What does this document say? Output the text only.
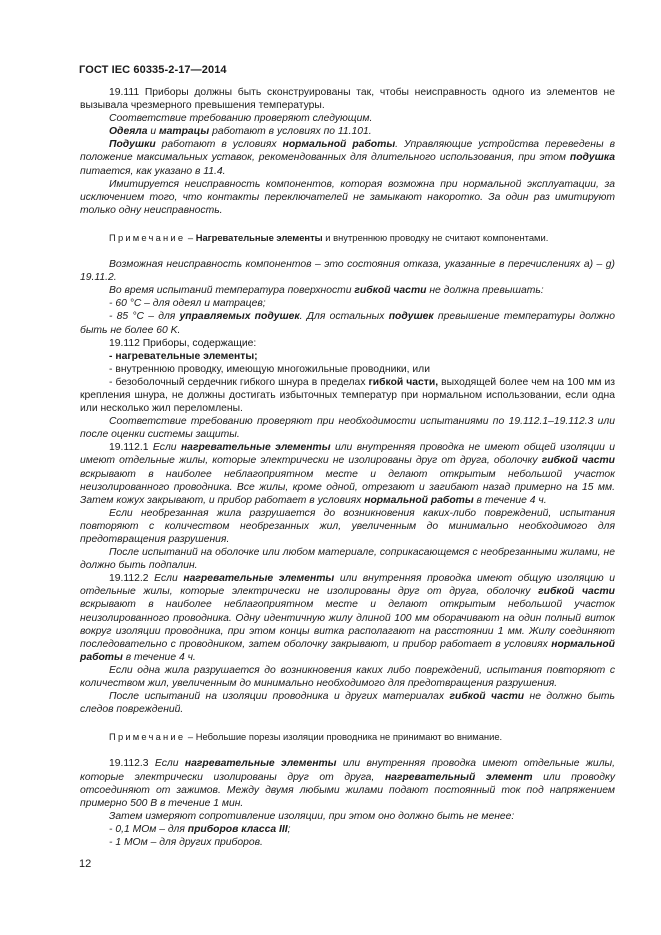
ГОСТ IEC 60335-2-17—2014

19.111 Приборы должны быть сконструированы так, чтобы неисправность одного из элементов не вызывала чрезмерного превышения температуры.

Соответствие требованию проверяют следующим.

Одеяла и матрацы работают в условиях по 11.101.

Подушки работают в условиях нормальной работы. Управляющие устройства переведены в положение максимальных уставок, рекомендованных для длительного использования, при этом подушка питается, как указано в 11.4.

Имитируется неисправность компонентов, которая возможна при нормальной эксплуатации, за исключением того, что контакты переключателей не замыкают накоротко. За один раз имитируют только одну неисправность.

Примечание – Нагревательные элементы и внутреннюю проводку не считают компонентами.

Возможная неисправность компонентов – это состояния отказа, указанные в перечислениях a) – g) 19.11.2.

Во время испытаний температура поверхности гибкой части не должна превышать:

- 60 °С – для одеял и матрацев;

- 85 °С – для управляемых подушек. Для остальных подушек превышение температуры должно быть не более 60 K.

19.112 Приборы, содержащие:

- нагревательные элементы;

- внутреннюю проводку, имеющую многожильные проводники, или

- безоболочный сердечник гибкого шнура в пределах гибкой части, выходящей более чем на 100 мм из крепления шнура, не должны достигать избыточных температур при нормальном использовании, если одна или несколько жил переломлены.

Соответствие требованию проверяют при необходимости испытаниями по 19.112.1–19.112.3 или после оценки системы защиты.

19.112.1 Если нагревательные элементы или внутренняя проводка не имеют общей изоляции и имеют отдельные жилы, которые электрически не изолированы друг от друга, оболочку гибкой части вскрывают в наиболее неблагоприятном месте и делают открытым небольшой участок неизолированного проводника. Все жилы, кроме одной, отрезают и загибают назад примерно на 15 мм. Затем кожух закрывают, и прибор работает в условиях нормальной работы в течение 4 ч.

Если необрезанная жила разрушается до возникновения каких-либо повреждений, испытания повторяют с количеством необрезанных жил, увеличенным до минимально необходимого для предотвращения разрушения.

После испытаний на оболочке или любом материале, соприкасающемся с необрезанными жилами, не должно быть подпалин.

19.112.2 Если нагревательные элементы или внутренняя проводка имеют общую изоляцию и отдельные жилы, которые электрически не изолированы друг от друга, оболочку гибкой части вскрывают в наиболее неблагоприятном месте и делают открытым небольшой участок неизолированного проводника. Одну идентичную жилу длиной 100 мм оборачивают на один полный виток вокруг изоляции проводника, при этом концы витка располагают на расстоянии 1 мм. Жилу соединяют последовательно с проводником, затем оболочку закрывают, и прибор работает в условиях нормальной работы в течение 4 ч.

Если одна жила разрушается до возникновения каких либо повреждений, испытания повторяют с количеством жил, увеличенным до минимально необходимого для предотвращения разрушения.

После испытаний на изоляции проводника и других материалах гибкой части не должно быть следов повреждений.

Примечание – Небольшие порезы изоляции проводника не принимают во внимание.

19.112.3 Если нагревательные элементы или внутренняя проводка имеют отдельные жилы, которые электрически изолированы друг от друга, нагревательный элемент или проводку отсоединяют от зажимов. Между двумя любыми жилами подают постоянный ток под напряжением примерно 500 В в течение 1 мин.

Затем измеряют сопротивление изоляции, при этом оно должно быть не менее:

- 0,1 МОм – для приборов класса III;

- 1 МОм – для других приборов.

12
